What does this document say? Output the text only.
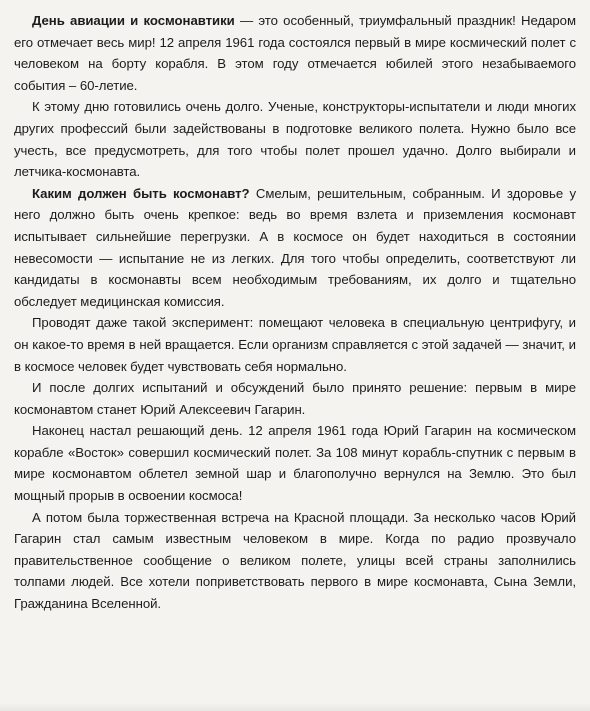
День авиации и космонавтики — это особенный, триумфальный праздник! Недаром его отмечает весь мир! 12 апреля 1961 года состоялся первый в мире космический полет с человеком на борту корабля. В этом году отмечается юбилей этого незабываемого события – 60-летие.

К этому дню готовились очень долго. Ученые, конструкторы-испытатели и люди многих других профессий были задействованы в подготовке великого полета. Нужно было все учесть, все предусмотреть, для того чтобы полет прошел удачно. Долго выбирали и летчика-космонавта.

Каким должен быть космонавт? Смелым, решительным, собранным. И здоровье у него должно быть очень крепкое: ведь во время взлета и приземления космонавт испытывает сильнейшие перегрузки. А в космосе он будет находиться в состоянии невесомости — испытание не из легких. Для того чтобы определить, соответствуют ли кандидаты в космонавты всем необходимым требованиям, их долго и тщательно обследует медицинская комиссия.

Проводят даже такой эксперимент: помещают человека в специальную центрифугу, и он какое-то время в ней вращается. Если организм справляется с этой задачей — значит, и в космосе человек будет чувствовать себя нормально.

И после долгих испытаний и обсуждений было принято решение: первым в мире космонавтом станет Юрий Алексеевич Гагарин.

Наконец настал решающий день. 12 апреля 1961 года Юрий Гагарин на космическом корабле «Восток» совершил космический полет. За 108 минут корабль-спутник с первым в мире космонавтом облетел земной шар и благополучно вернулся на Землю. Это был мощный прорыв в освоении космоса!

А потом была торжественная встреча на Красной площади. За несколько часов Юрий Гагарин стал самым известным человеком в мире. Когда по радио прозвучало правительственное сообщение о великом полете, улицы всей страны заполнились толпами людей. Все хотели поприветствовать первого в мире космонавта, Сына Земли, Гражданина Вселенной.
